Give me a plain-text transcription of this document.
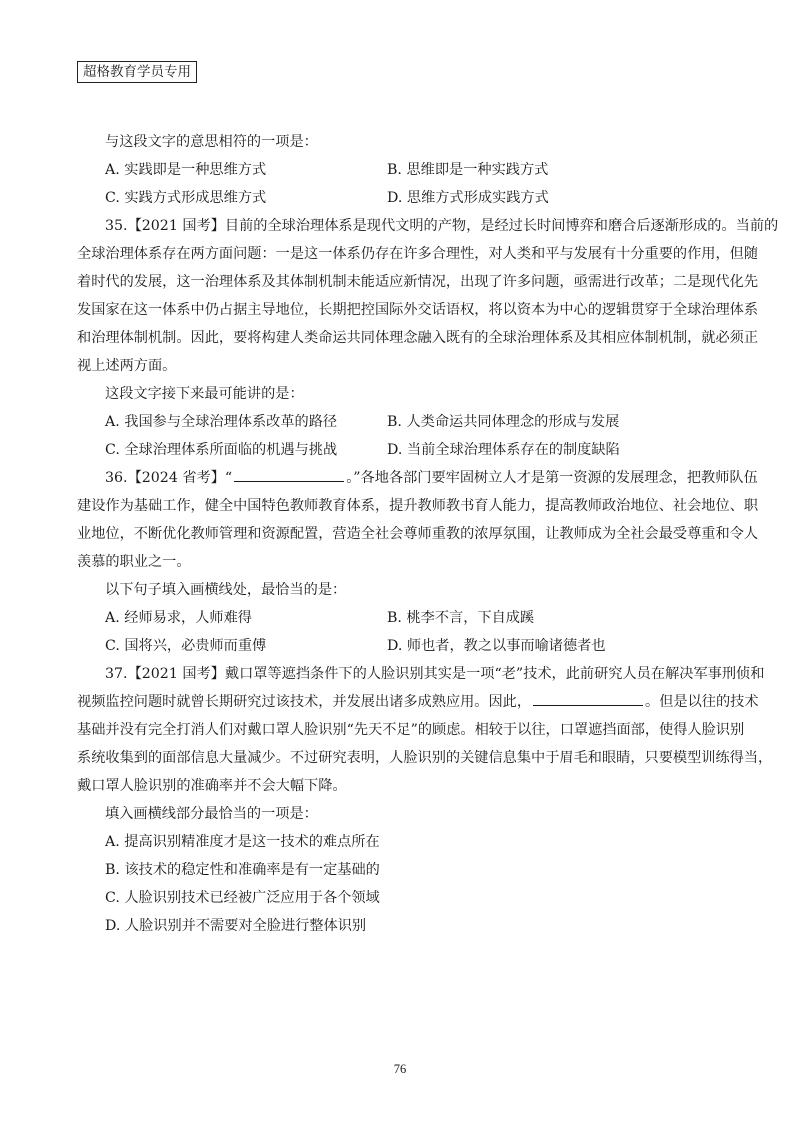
超格教育学员专用

与这段文字的意思相符的一项是：

A. 实践即是一种思维方式	B. 思维即是一种实践方式
C. 实践方式形成思维方式	D. 思维方式形成实践方式

35.【2021 国考】目前的全球治理体系是现代文明的产物，是经过长时间博弈和磨合后逐渐形成的。当前的

全球治理体系存在两方面问题：一是这一体系仍存在许多合理性，对人类和平与发展有十分重要的作用，但随

着时代的发展，这一治理体系及其体制机制未能适应新情况，出现了许多问题，亟需进行改革；二是现代化先

发国家在这一体系中仍占据主导地位，长期把控国际外交话语权，将以资本为中心的逻辑贯穿于全球治理体系

和治理体制机制。因此，要将构建人类命运共同体理念融入既有的全球治理体系及其相应体制机制，就必须正

视上述两方面。

这段文字接下来最可能讲的是：

A. 我国参与全球治理体系改革的路径	B. 人类命运共同体理念的形成与发展
C. 全球治理体系所面临的机遇与挑战	D. 当前全球治理体系存在的制度缺陷

36.【2024 省考】“	。”各地各部门要牢固树立人才是第一资源的发展理念，把教师队伍

建设作为基础工作，健全中国特色教师教育体系，提升教师教书育人能力，提高教师政治地位、社会地位、职

业地位，不断优化教师管理和资源配置，营造全社会尊师重教的浓厚氛围，让教师成为全社会最受尊重和令人

羡慕的职业之一。

以下句子填入画横线处，最恰当的是：

A. 经师易求，人师难得	B. 桃李不言，下自成蹊
C. 国将兴，必贵师而重傅	D. 师也者，教之以事而喻诸德者也

37.【2021 国考】戴口罩等遮挡条件下的人脸识别其实是一项“老”技术，此前研究人员在解决军事刑侦和

视频监控问题时就曾长期研究过该技术，并发展出诸多成熟应用。因此，	。但是以往的技术

基础并没有完全打消人们对戴口罩人脸识别“先天不足”的顾虑。相较于以往，口罩遮挡面部，使得人脸识别

系统收集到的面部信息大量减少。不过研究表明，人脸识别的关键信息集中于眉毛和眼睛，只要模型训练得当，

戴口罩人脸识别的准确率并不会大幅下降。

填入画横线部分最恰当的一项是：

A. 提高识别精准度才是这一技术的难点所在

B. 该技术的稳定性和准确率是有一定基础的

C. 人脸识别技术已经被广泛应用于各个领域

D. 人脸识别并不需要对全脸进行整体识别

76
